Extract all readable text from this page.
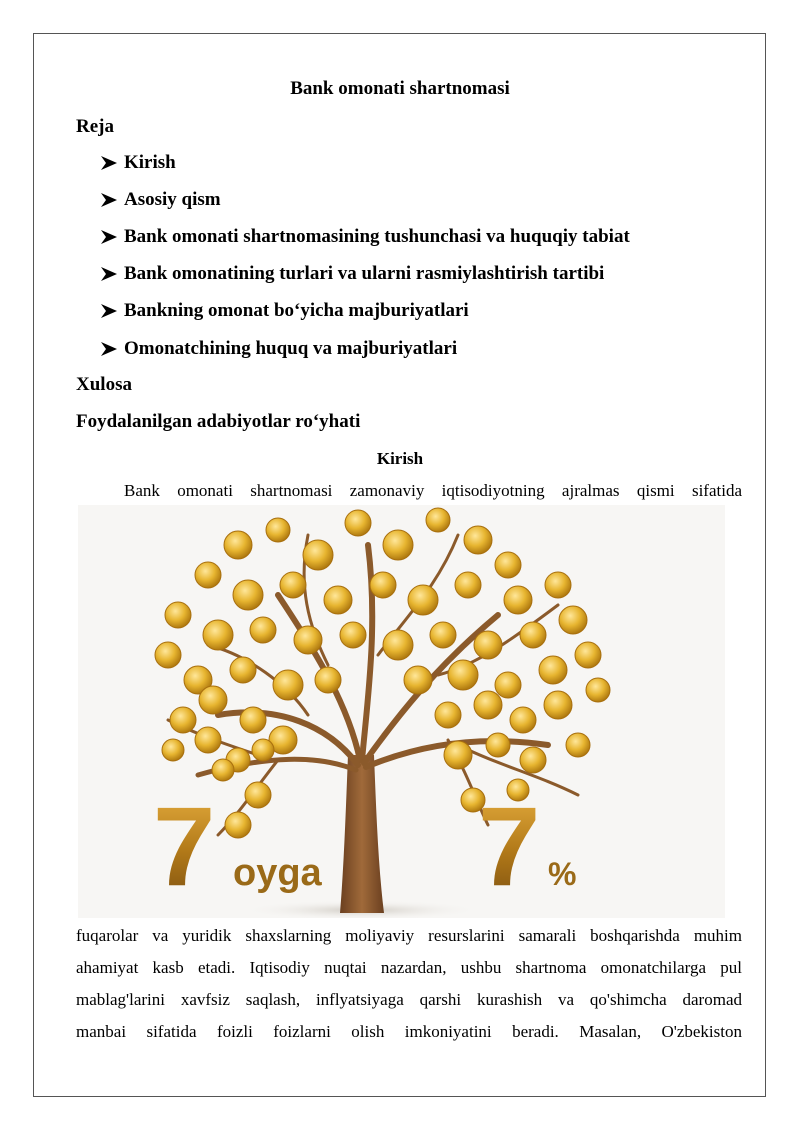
Bank omonati shartnomasi
Reja
Kirish
Asosiy qism
Bank omonati shartnomasining tushunchasi va huquqiy tabiat
Bank omonatining turlari va ularni rasmiylashtirish tartibi
Bankning omonat bo‘yicha majburiyatlari
Omonatchining huquq va majburiyatlari
Xulosa
Foydalanilgan adabiyotlar ro‘yhati
Kirish
Bank omonati shartnomasi zamonaviy iqtisodiyotning ajralmas qismi sifatida
7 oyga 7 %
fuqarolar va yuridik shaxslarning moliyaviy resurslarini samarali boshqarishda muhim
ahamiyat kasb etadi. Iqtisodiy nuqtai nazardan, ushbu shartnoma omonatchilarga pul
mablag'larini xavfsiz saqlash, inflyatsiyaga qarshi kurashish va qo'shimcha daromad
manbai sifatida foizli foizlarni olish imkoniyatini beradi. Masalan, O'zbekiston
